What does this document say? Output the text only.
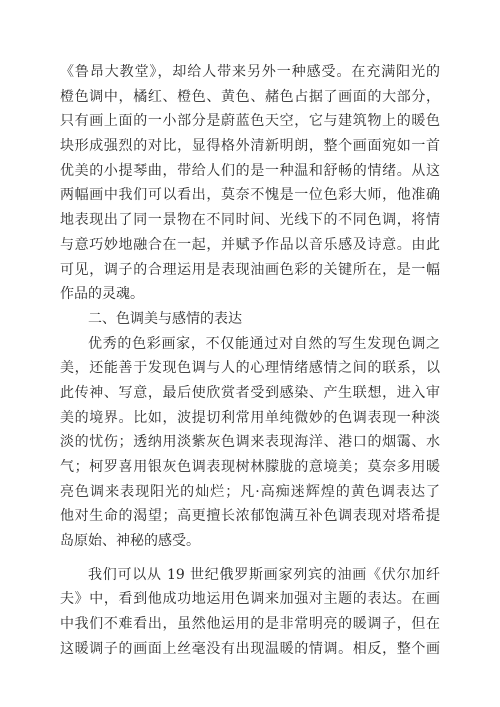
《鲁昂大教堂》，却给人带来另外一种感受。在充满阳光的
橙色调中，橘红、橙色、黄色、赭色占据了画面的大部分，
只有画上面的一小部分是蔚蓝色天空，它与建筑物上的暖色
块形成强烈的对比，显得格外清新明朗，整个画面宛如一首
优美的小提琴曲，带给人们的是一种温和舒畅的情绪。从这
两幅画中我们可以看出，莫奈不愧是一位色彩大师，他准确
地表现出了同一景物在不同时间、光线下的不同色调，将情
与意巧妙地融合在一起，并赋予作品以音乐感及诗意。由此
可见，调子的合理运用是表现油画色彩的关键所在，是一幅
作品的灵魂。
二、色调美与感情的表达
优秀的色彩画家，不仅能通过对自然的写生发现色调之
美，还能善于发现色调与人的心理情绪感情之间的联系，以
此传神、写意，最后使欣赏者受到感染、产生联想，进入审
美的境界。比如，波提切利常用单纯微妙的色调表现一种淡
淡的忧伤；透纳用淡紫灰色调来表现海洋、港口的烟霭、水
气；柯罗喜用银灰色调表现树林朦胧的意境美；莫奈多用暖
亮色调来表现阳光的灿烂；凡·高痴迷辉煌的黄色调表达了
他对生命的渴望；高更擅长浓郁饱满互补色调表现对塔希提
岛原始、神秘的感受。
我们可以从 19 世纪俄罗斯画家列宾的油画《伏尔加纤
夫》中，看到他成功地运用色调来加强对主题的表达。在画
中我们不难看出，虽然他运用的是非常明亮的暖调子，但在
这暖调子的画面上丝毫没有出现温暖的情调。相反，整个画
